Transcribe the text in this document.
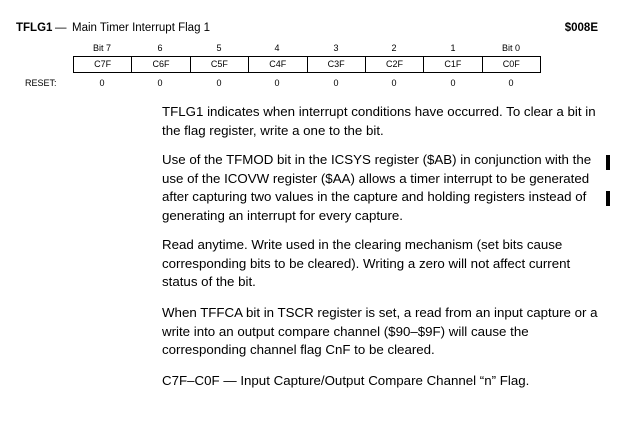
TFLG1 — Main Timer Interrupt Flag 1	$008E
Bit 7	6	5	4	3	2	1	Bit 0
C7F	C6F	C5F	C4F	C3F	C2F	C1F	C0F
RESET:	0	0	0	0	0	0	0	0

TFLG1 indicates when interrupt conditions have occurred. To clear a bit in the flag register, write a one to the bit.

Use of the TFMOD bit in the ICSYS register ($AB) in conjunction with the use of the ICOVW register ($AA) allows a timer interrupt to be generated after capturing two values in the capture and holding registers instead of generating an interrupt for every capture.

Read anytime. Write used in the clearing mechanism (set bits cause corresponding bits to be cleared). Writing a zero will not affect current status of the bit.

When TFFCA bit in TSCR register is set, a read from an input capture or a write into an output compare channel ($90–$9F) will cause the corresponding channel flag CnF to be cleared.

C7F–C0F — Input Capture/Output Compare Channel “n” Flag.
